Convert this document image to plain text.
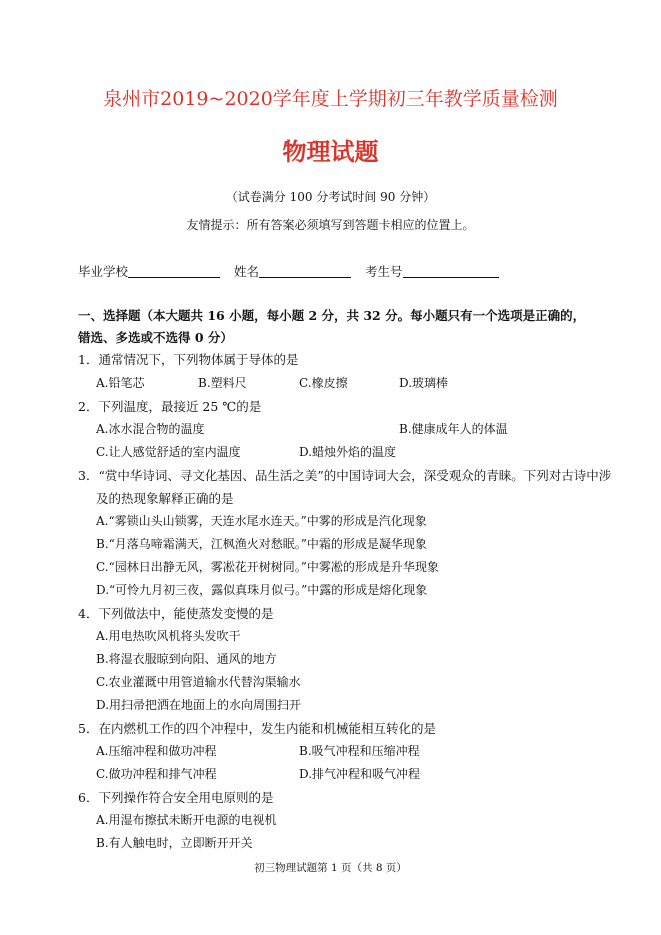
泉州市2019~2020学年度上学期初三年教学质量检测
物理试题
（试卷满分 100 分考试时间 90 分钟）
友情提示：所有答案必须填写到答题卡相应的位置上。
毕业学校	姓名	考生号
一、选择题（本大题共 16 小题，每小题 2 分，共 32 分。每小题只有一个选项是正确的，错选、多选或不选得 0 分）
1．通常情况下，下列物体属于导体的是
A.铅笔芯	B.塑料尺	C.橡皮擦	D.玻璃棒
2．下列温度，最接近 25 ℃的是
A.冰水混合物的温度	B.健康成年人的体温
C.让人感觉舒适的室内温度	D.蜡烛外焰的温度
3．“赏中华诗词、寻文化基因、品生活之美”的中国诗词大会，深受观众的青睐。下列对古诗中涉
及的热现象解释正确的是
A.“雾锁山头山锁雾，天连水尾水连天。”中雾的形成是汽化现象
B.“月落乌啼霜满天，江枫渔火对愁眠。”中霜的形成是凝华现象
C.“园林日出静无风，雾凇花开树树同。”中雾凇的形成是升华现象
D.“可怜九月初三夜，露似真珠月似弓。”中露的形成是熔化现象
4．下列做法中，能使蒸发变慢的是
A.用电热吹风机将头发吹干
B.将湿衣服晾到向阳、通风的地方
C.农业灌溉中用管道输水代替沟渠输水
D.用扫帚把洒在地面上的水向周围扫开
5．在内燃机工作的四个冲程中，发生内能和机械能相互转化的是
A.压缩冲程和做功冲程	B.吸气冲程和压缩冲程
C.做功冲程和排气冲程	D.排气冲程和吸气冲程
6．下列操作符合安全用电原则的是
A.用湿布擦拭未断开电源的电视机
B.有人触电时，立即断开开关
初三物理试题第 1 页（共 8 页）
